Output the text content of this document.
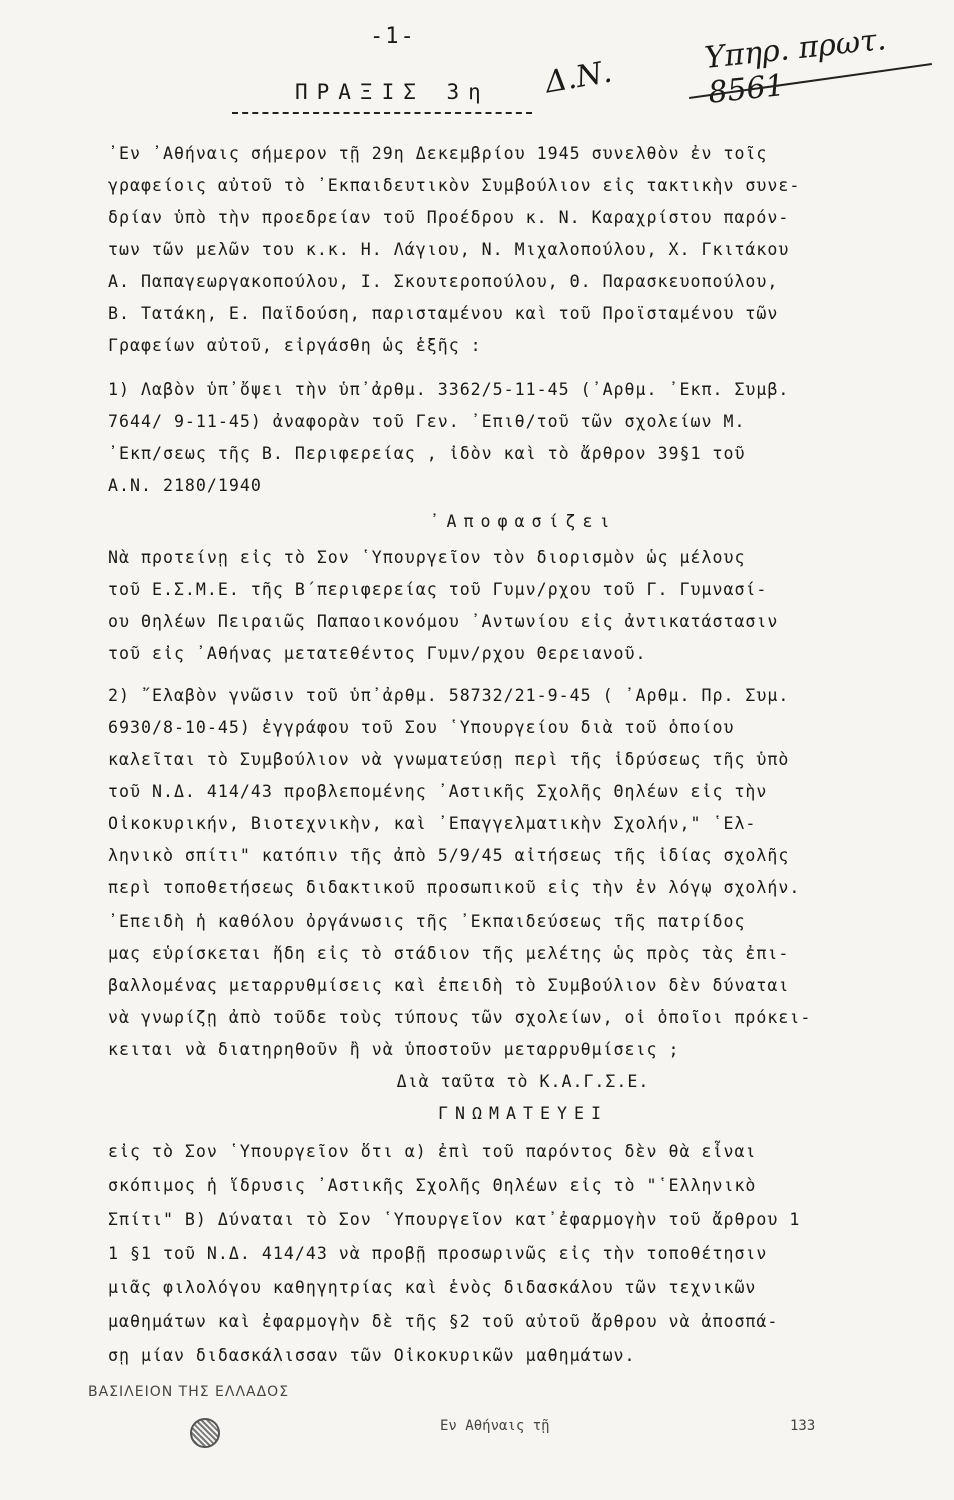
-1-
ΠΡΑΞΙΣ 3η
Υπηρ. πρωτ. 8561
Δ.Ν.
᾿Εν ᾿Αθήναις σήμερον τῇ 29η Δεκεμβρίου 1945 συνελθὸν ἐν τοῖς
γραφείοις αὐτοῦ τὸ ᾿Εκπαιδευτικὸν Συμβούλιον εἰς τακτικὴν συνε-
δρίαν ὑπὸ τὴν προεδρείαν τοῦ Προέδρου κ. Ν. Καραχρίστου παρόν-
των τῶν μελῶν του κ.κ. Η. Λάγιου, Ν. Μιχαλοπούλου, Χ. Γκιτάκου
Α. Παπαγεωργακοπούλου, Ι. Σκουτεροπούλου, Θ. Παρασκευοπούλου,
Β. Τατάκη, Ε. Παϊδούση, παρισταμένου καὶ τοῦ Προϊσταμένου τῶν
Γραφείων αὐτοῦ, εἰργάσθη ὡς ἑξῆς :
1) Λαβὸν ὑπ᾿ὄψει τὴν ὑπ᾿ἀρθμ. 3362/5-11-45 (᾿Αρθμ. ᾿Εκπ. Συμβ.
7644/ 9-11-45) ἀναφορὰν τοῦ Γεν. ᾿Επιθ/τοῦ τῶν σχολείων Μ.
᾿Εκπ/σεως τῆς Β. Περιφερείας , ἰδὸν καὶ τὸ ἄρθρον 39§1 τοῦ
Α.Ν. 2180/1940
᾿Αποφασίζει
Νὰ προτείνῃ εἰς τὸ Σον ῾Υπουργεῖον τὸν διορισμὸν ὡς μέλους
τοῦ Ε.Σ.Μ.Ε. τῆς Β΄περιφερείας τοῦ Γυμν/ρχου τοῦ Γ. Γυμνασί-
ου Θηλέων Πειραιῶς Παπαοικονόμου ᾿Αντωνίου εἰς ἀντικατάστασιν
τοῦ εἰς ᾿Αθήνας μετατεθέντος Γυμν/ρχου Θερειανοῦ.
2) ῎Ελαβὸν γνῶσιν τοῦ ὑπ᾿ἀρθμ. 58732/21-9-45 ( ᾿Αρθμ. Πρ. Συμ.
6930/8-10-45) ἐγγράφου τοῦ Σου ῾Υπουργείου διὰ τοῦ ὁποίου
καλεῖται τὸ Συμβούλιον νὰ γνωματεύσῃ περὶ τῆς ἱδρύσεως τῆς ὑπὸ
τοῦ Ν.Δ. 414/43 προβλεπομένης ᾿Αστικῆς Σχολῆς Θηλέων εἰς τὴν
Οἰκοκυρικήν, Βιοτεχνικὴν, καὶ ᾿Επαγγελματικὴν Σχολήν," ῾Ελ-
ληνικὸ σπίτι" κατόπιν τῆς ἀπὸ 5/9/45 αἰτήσεως τῆς ἰδίας σχολῆς
περὶ τοποθετήσεως διδακτικοῦ προσωπικοῦ εἰς τὴν ἐν λόγῳ σχολήν.
᾿Επειδὴ ἡ καθόλου ὀργάνωσις τῆς ᾿Εκπαιδεύσεως τῆς πατρίδος
μας εὑρίσκεται ἤδη εἰς τὸ στάδιον τῆς μελέτης ὡς πρὸς τὰς ἐπι-
βαλλομένας μεταρρυθμίσεις καὶ ἐπειδὴ τὸ Συμβούλιον δὲν δύναται
νὰ γνωρίζῃ ἀπὸ τοῦδε τοὺς τύπους τῶν σχολείων, οἱ ὁποῖοι πρόκει-
κειται νὰ διατηρηθοῦν ἢ νὰ ὑποστοῦν μεταρρυθμίσεις ;
Διὰ ταῦτα τὸ Κ.Α.Γ.Σ.Ε.
ΓΝΩΜΑΤΕΥΕΙ
εἰς τὸ Σον ῾Υπουργεῖον ὅτι α) ἐπὶ τοῦ παρόντος δὲν θὰ εἶναι
σκόπιμος ἡ ἵδρυσις ᾿Αστικῆς Σχολῆς Θηλέων εἰς τὸ "῾Ελληνικὸ
Σπίτι" Β) Δύναται τὸ Σον ῾Υπουργεῖον κατ᾿ἐφαρμογὴν τοῦ ἄρθρου 1
1 §1 τοῦ Ν.Δ. 414/43 νὰ προβῇ προσωρινῶς εἰς τὴν τοποθέτησιν
μιᾶς φιλολόγου καθηγητρίας καὶ ἑνὸς διδασκάλου τῶν τεχνικῶν
μαθημάτων καὶ ἐφαρμογὴν δὲ τῆς §2 τοῦ αὐτοῦ ἄρθρου νὰ ἀποσπά-
σῃ μίαν διδασκάλισσαν τῶν Οἰκοκυρικῶν μαθημάτων.
ΒΑΣΙΛΕΙΟΝ ΤΗΣ ΕΛΛΑΔΟΣ
Εν Αθήναις τῇ	133
